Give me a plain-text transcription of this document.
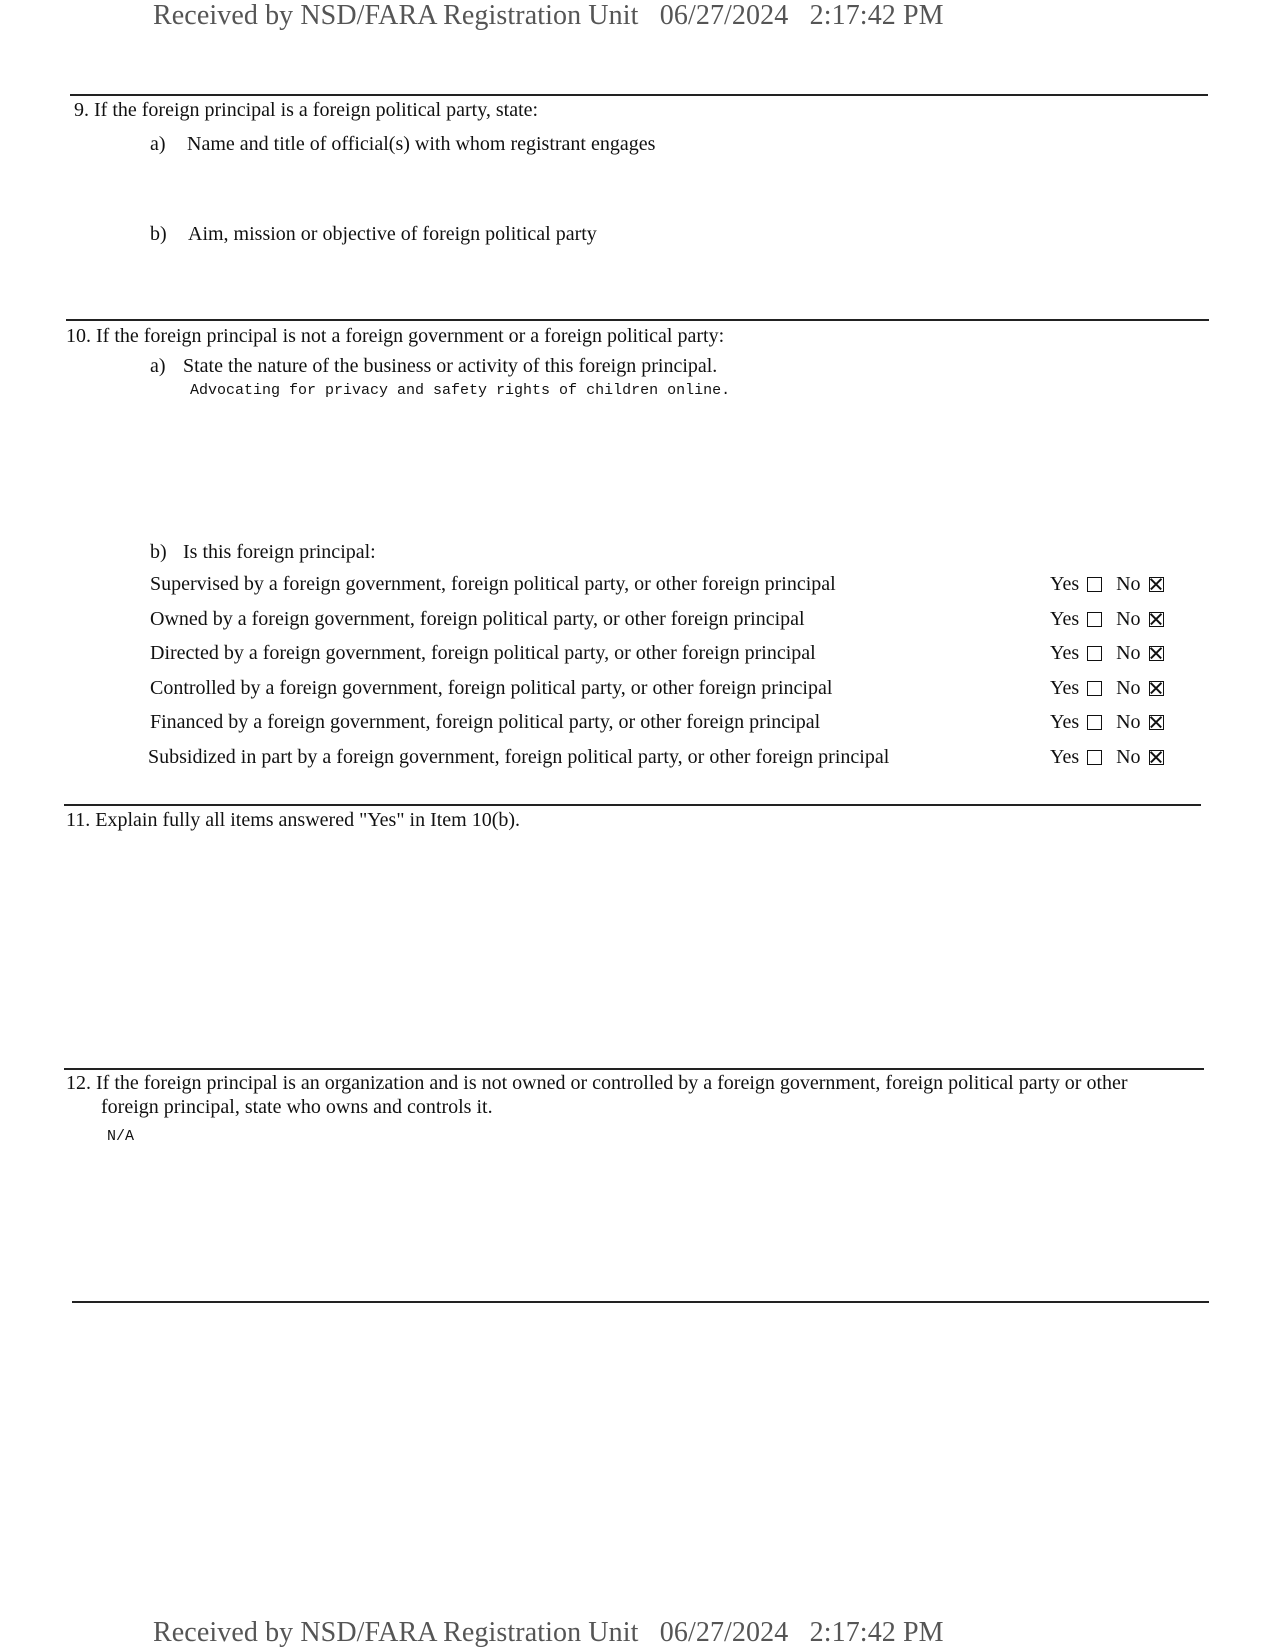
Received by NSD/FARA Registration Unit   06/27/2024   2:17:42 PM
9. If the foreign principal is a foreign political party, state:
a) Name and title of official(s) with whom registrant engages
b) Aim, mission or objective of foreign political party
10. If the foreign principal is not a foreign government or a foreign political party:
a) State the nature of the business or activity of this foreign principal.
Advocating for privacy and safety rights of children online.
b) Is this foreign principal:
Supervised by a foreign government, foreign political party, or other foreign principal	Yes No
Owned by a foreign government, foreign political party, or other foreign principal	Yes No
Directed by a foreign government, foreign political party, or other foreign principal	Yes No
Controlled by a foreign government, foreign political party, or other foreign principal	Yes No
Financed by a foreign government, foreign political party, or other foreign principal	Yes No
Subsidized in part by a foreign government, foreign political party, or other foreign principal	Yes No
11. Explain fully all items answered "Yes" in Item 10(b).
12. If the foreign principal is an organization and is not owned or controlled by a foreign government, foreign political party or other
foreign principal, state who owns and controls it.
N/A
Received by NSD/FARA Registration Unit   06/27/2024   2:17:42 PM
